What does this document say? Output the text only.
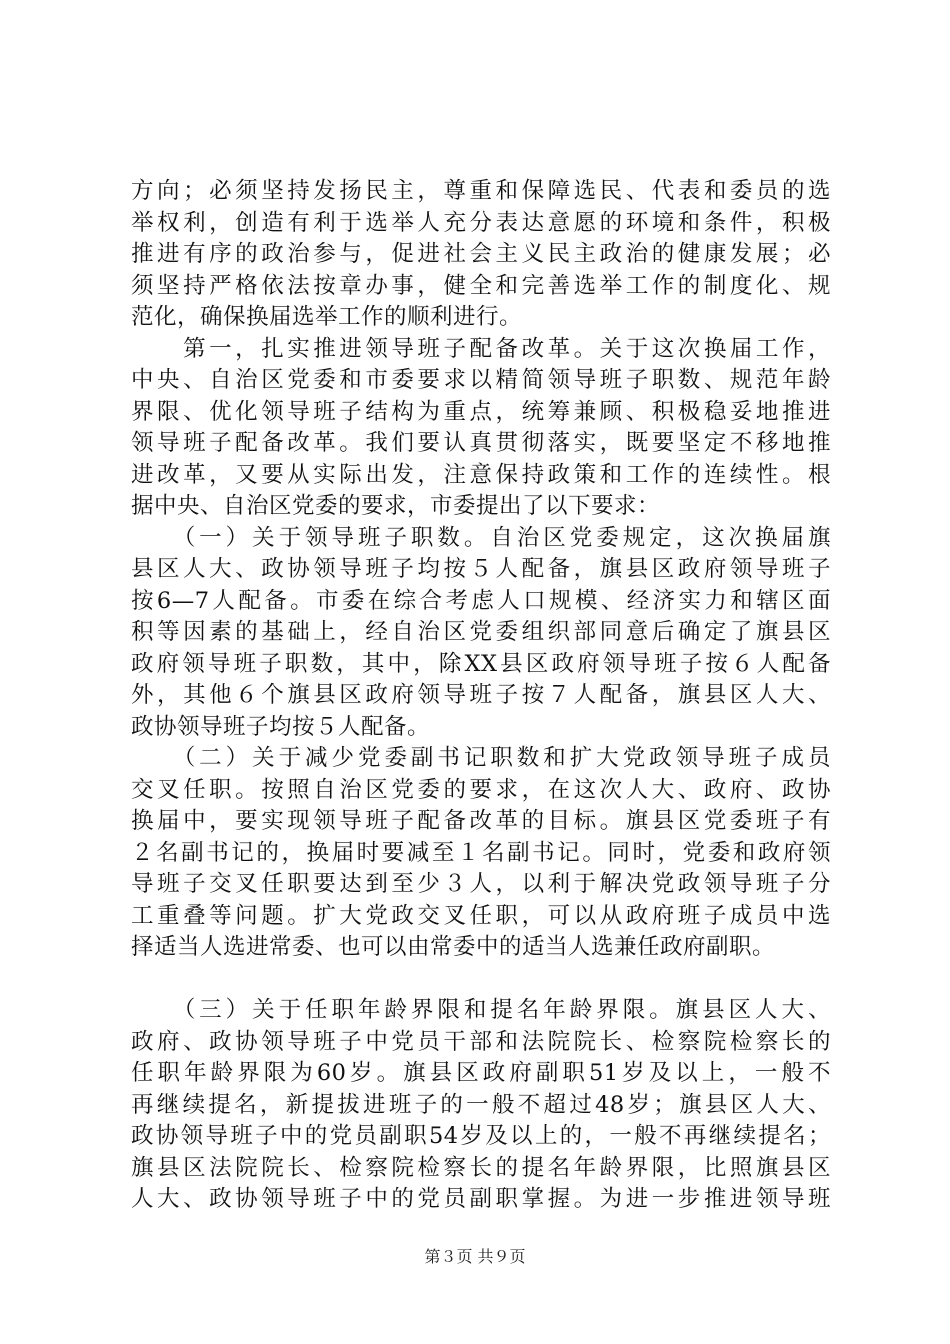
方向；必须坚持发扬民主，尊重和保障选民、代表和委员的选
举权利，创造有利于选举人充分表达意愿的环境和条件，积极
推进有序的政治参与，促进社会主义民主政治的健康发展；必
须坚持严格依法按章办事，健全和完善选举工作的制度化、规
范化，确保换届选举工作的顺利进行。
　　第一，扎实推进领导班子配备改革。关于这次换届工作，
中央、自治区党委和市委要求以精简领导班子职数、规范年龄
界限、优化领导班子结构为重点，统筹兼顾、积极稳妥地推进
领导班子配备改革。我们要认真贯彻落实，既要坚定不移地推
进改革，又要从实际出发，注意保持政策和工作的连续性。根
据中央、自治区党委的要求，市委提出了以下要求：
　　（一）关于领导班子职数。自治区党委规定，这次换届旗
县区人大、政协领导班子均按５人配备，旗县区政府领导班子
按6—7人配备。市委在综合考虑人口规模、经济实力和辖区面
积等因素的基础上，经自治区党委组织部同意后确定了旗县区
政府领导班子职数，其中，除XX县区政府领导班子按６人配备
外，其他６个旗县区政府领导班子按７人配备，旗县区人大、
政协领导班子均按５人配备。
　　（二）关于减少党委副书记职数和扩大党政领导班子成员
交叉任职。按照自治区党委的要求，在这次人大、政府、政协
换届中，要实现领导班子配备改革的目标。旗县区党委班子有
２名副书记的，换届时要减至１名副书记。同时，党委和政府领
导班子交叉任职要达到至少３人，以利于解决党政领导班子分
工重叠等问题。扩大党政交叉任职，可以从政府班子成员中选
择适当人选进常委、也可以由常委中的适当人选兼任政府副职。
　　（三）关于任职年龄界限和提名年龄界限。旗县区人大、
政府、政协领导班子中党员干部和法院院长、检察院检察长的
任职年龄界限为60岁。旗县区政府副职51岁及以上，一般不
再继续提名，新提拔进班子的一般不超过48岁；旗县区人大、
政协领导班子中的党员副职54岁及以上的，一般不再继续提名；
旗县区法院院长、检察院检察长的提名年龄界限，比照旗县区
人大、政协领导班子中的党员副职掌握。为进一步推进领导班
第３页 共９页
